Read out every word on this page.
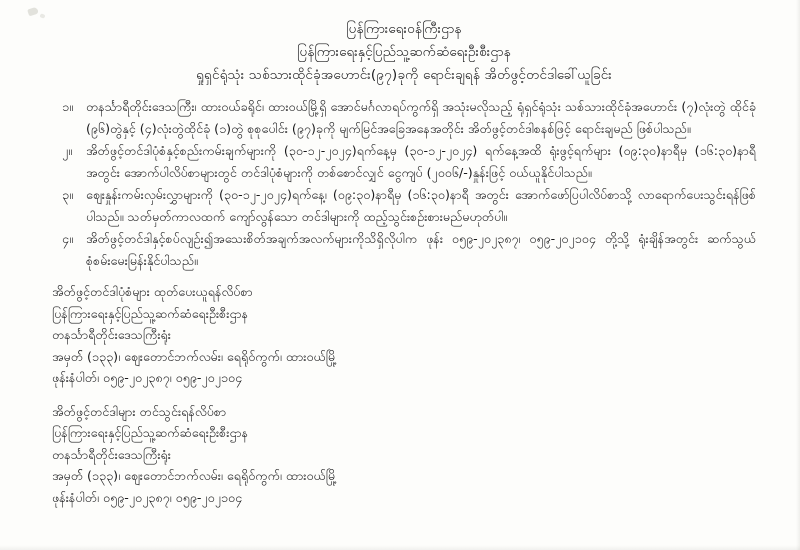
ပြန်ကြားရေးဝန်ကြီးဌာန
ပြန်ကြားရေးနှင့်ပြည်သူ့ဆက်ဆံရေးဦးစီးဌာန
ရှုရှင်ရုံသုံး သစ်သားထိုင်ခုံအဟောင်း(၉၇)ခုကို ရောင်းချရန် အိတ်ဖွင့်တင်ဒါခေါ်ယူခြင်း
၁။	တနင်္သာရီတိုင်းဒေသကြီး၊ ထားဝယ်ခရိုင်၊ ထားဝယ်မြို့ရှိ အောင်မင်္ဂလာရပ်ကွက်ရှိ အသုံးမလိုသည့် ရုံရှင်ရုံသုံး သစ်သားထိုင်ခုံအဟောင်း (၇)လုံးတွဲ ထိုင်ခုံ (၉၆)တွဲနှင့် (၄)လုံးတွဲထိုင်ခုံ (၁)တွဲ စုစုပေါင်း (၉၇)ခုကို မျက်မြင်အခြေအနေအတိုင်း အိတ်ဖွင့်တင်ဒါစနစ်ဖြင့် ရောင်းချမည် ဖြစ်ပါသည်။
၂။	အိတ်ဖွင့်တင်ဒါပုံစံနှင့်စည်းကမ်းချက်များကို (၃၀-၁၂-၂၀၂၄)ရက်နေ့မှ (၃၀-၁၂-၂၀၂၄) ရက်နေ့အထိ ရုံးဖွင့်ရက်များ (၀၉:၃၀)နာရီမှ (၁၆:၃၀)နာရီအတွင်း အောက်ပါလိပ်စာများတွင် တင်ဒါပုံစံများကို တစ်စောင်လျှင် ငွေကျပ် (၂၀၀၆/-)နှုန်းဖြင့် ဝယ်ယူနိုင်ပါသည်။
၃။	ဈေးနှုန်းကမ်းလှမ်းလွှာများကို (၃၀-၁၂-၂၀၂၄)ရက်နေ့၊ (၀၉:၃၀)နာရီမှ (၁၆:၃၀)နာရီ အတွင်း အောက်ဖော်ပြပါလိပ်စာသို့ လာရောက်ပေးသွင်းရန်ဖြစ်ပါသည်။ သတ်မှတ်ကာလထက် ကျော်လွန်သော တင်ဒါများကို ထည့်သွင်းစဉ်းစားမည်မဟုတ်ပါ။
၄။	အိတ်ဖွင့်တင်ဒါနှင့်စပ်လျဉ်း၍အသေးစိတ်အချက်အလက်များကိုသိရှိလိုပါက ဖုန်း ၀၅၉-၂၀၂၃၈၇၊ ၀၅၉-၂၀၂၁၀၄ တို့သို့ ရုံးချိန်အတွင်း ဆက်သွယ်စုံစမ်းမေးမြန်းနိုင်ပါသည်။
အိတ်ဖွင့်တင်ဒါပုံစံများ ထုတ်ပေးယူရန်လိပ်စာ
ပြန်ကြားရေးနှင့်ပြည်သူ့ဆက်ဆံရေးဦးစီးဌာန
တနင်္သာရီတိုင်းဒေသကြီးရုံး
အမှတ်် (၁၃၃)၊ ဈေးတောင်ဘက်လမ်း၊ ရေရိုဝ်ကွက်၊ ထားဝယ်မြို့
ဖုန်းနံပါတ်၊ ၀၅၉-၂၀၂၃၈၇၊ ၀၅၉-၂၀၂၁၀၄
အိတ်ဖွင့်တင်ဒါများ တင်သွင်းရန်လိပ်စာ
ပြန်ကြားရေးနှင့်ပြည်သူ့ဆက်ဆံရေးဦးစီးဌာန
တနင်္သာရီတိုင်းဒေသကြီးရုံး
အမှတ်် (၁၃၃)၊ ဈေးတောင်ဘက်လမ်း၊ ရေရိုဝ်ကွက်၊ ထားဝယ်မြို့
ဖုန်းနံပါတ်၊ ၀၅၉-၂၀၂၃၈၇၊ ၀၅၉-၂၀၂၁၀၄
